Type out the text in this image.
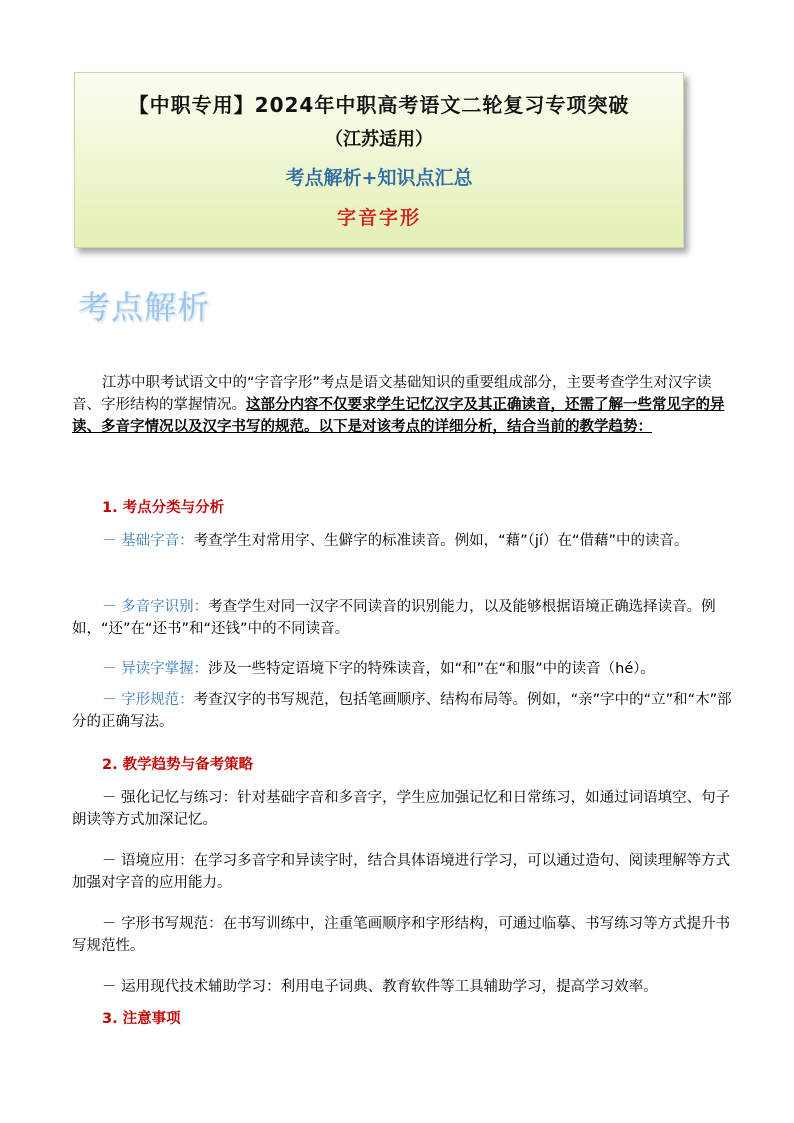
【中职专用】2024年中职高考语文二轮复习专项突破
（江苏适用）
考点解析+知识点汇总
字音字形
考点解析
江苏中职考试语文中的“字音字形”考点是语文基础知识的重要组成部分，主要考查学生对汉字读音、字形结构的掌握情况。这部分内容不仅要求学生记忆汉字及其正确读音，还需了解一些常见字的异读、多音字情况以及汉字书写的规范。以下是对该考点的详细分析，结合当前的教学趋势：
1. 考点分类与分析
－ 基础字音：考查学生对常用字、生僻字的标准读音。例如，“藉”（jí）在“借藉”中的读音。
－ 多音字识别：考查学生对同一汉字不同读音的识别能力，以及能够根据语境正确选择读音。例如，“还”在“还书”和“还钱”中的不同读音。
－ 异读字掌握：涉及一些特定语境下字的特殊读音，如“和”在“和服”中的读音（hé）。
－ 字形规范：考查汉字的书写规范，包括笔画顺序、结构布局等。例如，“亲”字中的“立”和“木”部分的正确写法。
2. 教学趋势与备考策略
－ 强化记忆与练习：针对基础字音和多音字，学生应加强记忆和日常练习，如通过词语填空、句子朗读等方式加深记忆。
－ 语境应用：在学习多音字和异读字时，结合具体语境进行学习，可以通过造句、阅读理解等方式加强对字音的应用能力。
－ 字形书写规范：在书写训练中，注重笔画顺序和字形结构，可通过临摹、书写练习等方式提升书写规范性。
－ 运用现代技术辅助学习：利用电子词典、教育软件等工具辅助学习，提高学习效率。
3. 注意事项
